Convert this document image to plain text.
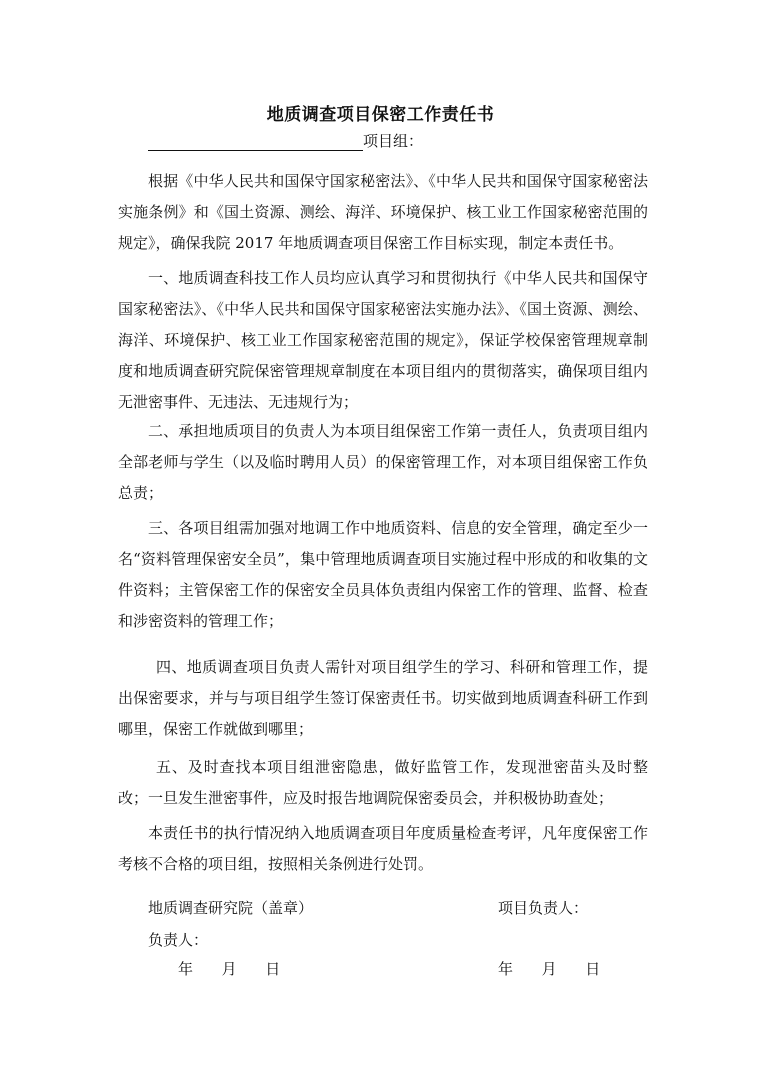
地质调查项目保密工作责任书
项目组：

根据《中华人民共和国保守国家秘密法》、《中华人民共和国保守国家秘密法实施条例》和《国土资源、测绘、海洋、环境保护、核工业工作国家秘密范围的规定》，确保我院 2017 年地质调查项目保密工作目标实现，制定本责任书。

一、地质调查科技工作人员均应认真学习和贯彻执行《中华人民共和国保守国家秘密法》、《中华人民共和国保守国家秘密法实施办法》、《国土资源、测绘、海洋、环境保护、核工业工作国家秘密范围的规定》，保证学校保密管理规章制度和地质调查研究院保密管理规章制度在本项目组内的贯彻落实，确保项目组内无泄密事件、无违法、无违规行为；

二、承担地质项目的负责人为本项目组保密工作第一责任人，负责项目组内全部老师与学生（以及临时聘用人员）的保密管理工作，对本项目组保密工作负总责；

三、各项目组需加强对地调工作中地质资料、信息的安全管理，确定至少一名“资料管理保密安全员”，集中管理地质调查项目实施过程中形成的和收集的文件资料；主管保密工作的保密安全员具体负责组内保密工作的管理、监督、检查和涉密资料的管理工作；

四、地质调查项目负责人需针对项目组学生的学习、科研和管理工作，提出保密要求，并与与项目组学生签订保密责任书。切实做到地质调查科研工作到哪里，保密工作就做到哪里；

五、及时查找本项目组泄密隐患，做好监管工作，发现泄密苗头及时整改；一旦发生泄密事件，应及时报告地调院保密委员会，并积极协助查处；

本责任书的执行情况纳入地质调查项目年度质量检查考评，凡年度保密工作考核不合格的项目组，按照相关条例进行处罚。

地质调查研究院（盖章）	项目负责人：
负责人：
年      月      日	年      月      日
